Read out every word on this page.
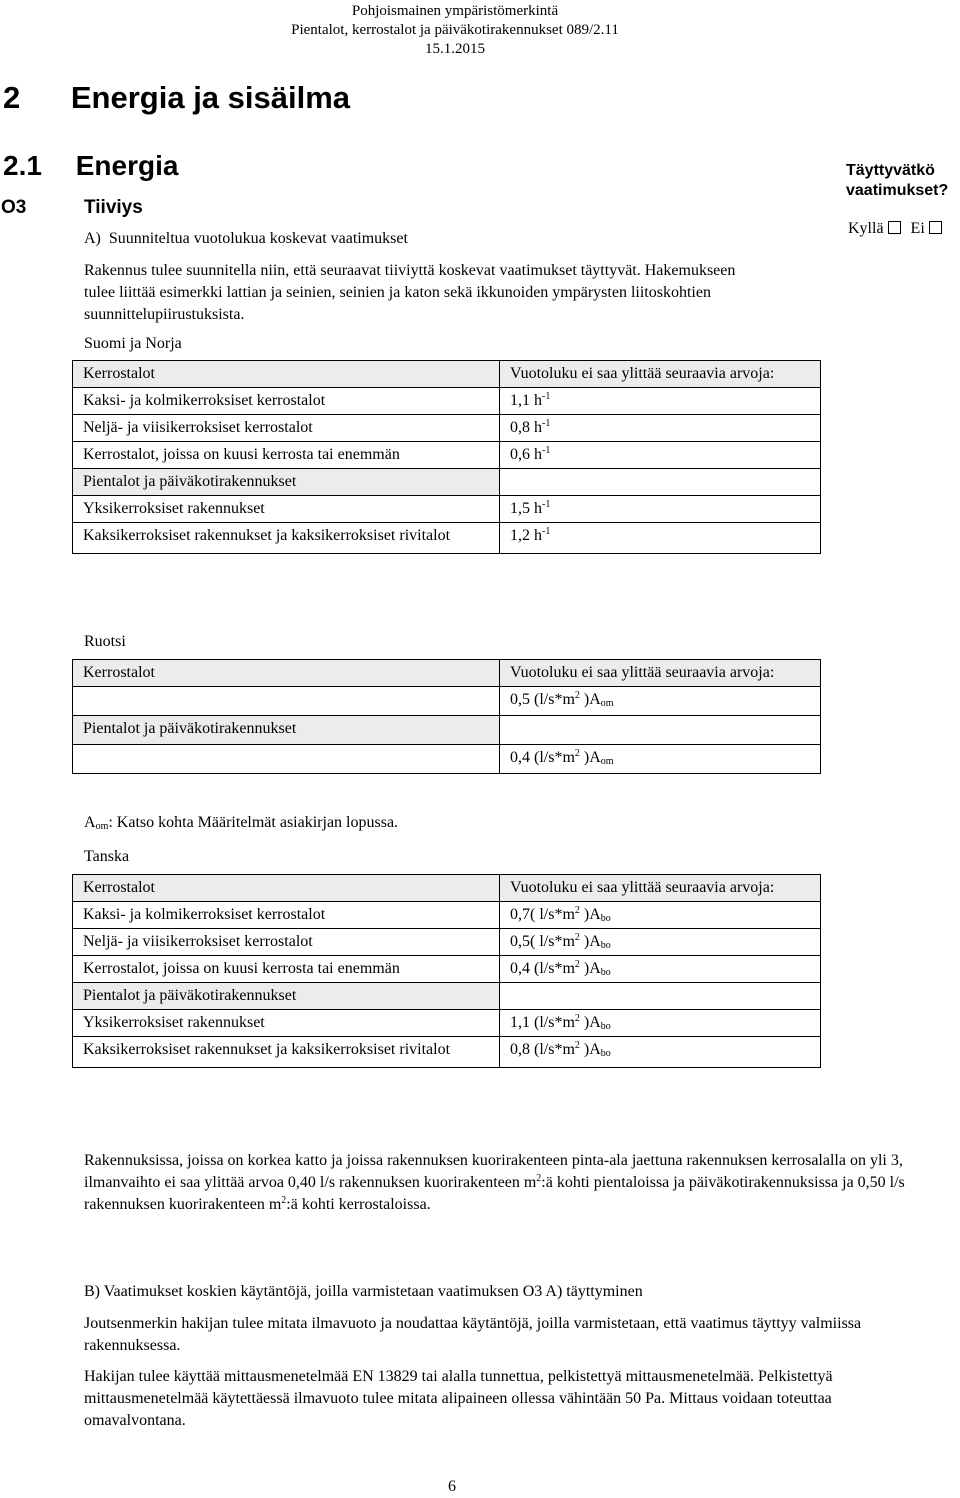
Pohjoismainen ympäristömerkintä
Pientalot, kerrostalot ja päiväkotirakennukset 089/2.11
15.1.2015
2 Energia ja sisäilma
2.1 Energia
O3	Tiiviys
Täyttyvätkö
vaatimukset?
Kyllä Ei
A)  Suunniteltua vuotolukua koskevat vaatimukset
Rakennus tulee suunnitella niin, että seuraavat tiiviyttä koskevat vaatimukset täyttyvät. Hakemukseen
tulee liittää esimerkki lattian ja seinien, seinien ja katon sekä ikkunoiden ympärysten liitoskohtien
suunnittelupiirustuksista.
Suomi ja Norja
Kerrostalot	Vuotoluku ei saa ylittää seuraavia arvoja:
Kaksi- ja kolmikerroksiset kerrostalot	1,1 $h^{-1}$
Neljä- ja viisikerroksiset kerrostalot	0,8 $h^{-1}$
Kerrostalot, joissa on kuusi kerrosta tai enemmän	0,6 $h^{-1}$
Pientalot ja päiväkotirakennukset	
Yksikerroksiset rakennukset	1,5 $h^{-1}$
Kaksikerroksiset rakennukset ja kaksikerroksiset rivitalot	1,2 $h^{-1}$
Ruotsi
Kerrostalot	Vuotoluku ei saa ylittää seuraavia arvoja:
	0,5 ($l/s*m^2$ )$A_{om}$
Pientalot ja päiväkotirakennukset	
	0,4 ($l/s*m^2$ )$A_{om}$
$A_{om}$: Katso kohta Määritelmät asiakirjan lopussa.
Tanska
Kerrostalot	Vuotoluku ei saa ylittää seuraavia arvoja:
Kaksi- ja kolmikerroksiset kerrostalot	0,7( $l/s*m^2$ )$A_{bo}$
Neljä- ja viisikerroksiset kerrostalot	0,5( $l/s*m^2$ )$A_{bo}$
Kerrostalot, joissa on kuusi kerrosta tai enemmän	0,4 ($l/s*m^2$ )$A_{bo}$
Pientalot ja päiväkotirakennukset	
Yksikerroksiset rakennukset	1,1 ($l/s*m^2$ )$A_{bo}$
Kaksikerroksiset rakennukset ja kaksikerroksiset rivitalot	0,8 ($l/s*m^2$ )$A_{bo}$
Rakennuksissa, joissa on korkea katto ja joissa rakennuksen kuorirakenteen pinta-ala jaettuna rakennuksen kerrosalalla on yli 3, ilmanvaihto ei saa ylittää arvoa 0,40 l/s rakennuksen kuorirakenteen $m^2:ä$ kohti pientaloissa ja päiväkotirakennuksissa ja 0,50 l/s rakennuksen kuorirakenteen $m^2:ä$ kohti kerrostaloissa.
B) Vaatimukset koskien käytäntöjä, joilla varmistetaan vaatimuksen O3 A) täyttyminen
Joutsenmerkin hakijan tulee mitata ilmavuoto ja noudattaa käytäntöjä, joilla varmistetaan, että vaatimus täyttyy valmiissa rakennuksessa.
Hakijan tulee käyttää mittausmenetelmää EN 13829 tai alalla tunnettua, pelkistettyä mittausmenetelmää. Pelkistettyä mittausmenetelmää käytettäessä ilmavuoto tulee mitata alipaineen ollessa vähintään 50 Pa. Mittaus voidaan toteuttaa omavalvontana.
6
